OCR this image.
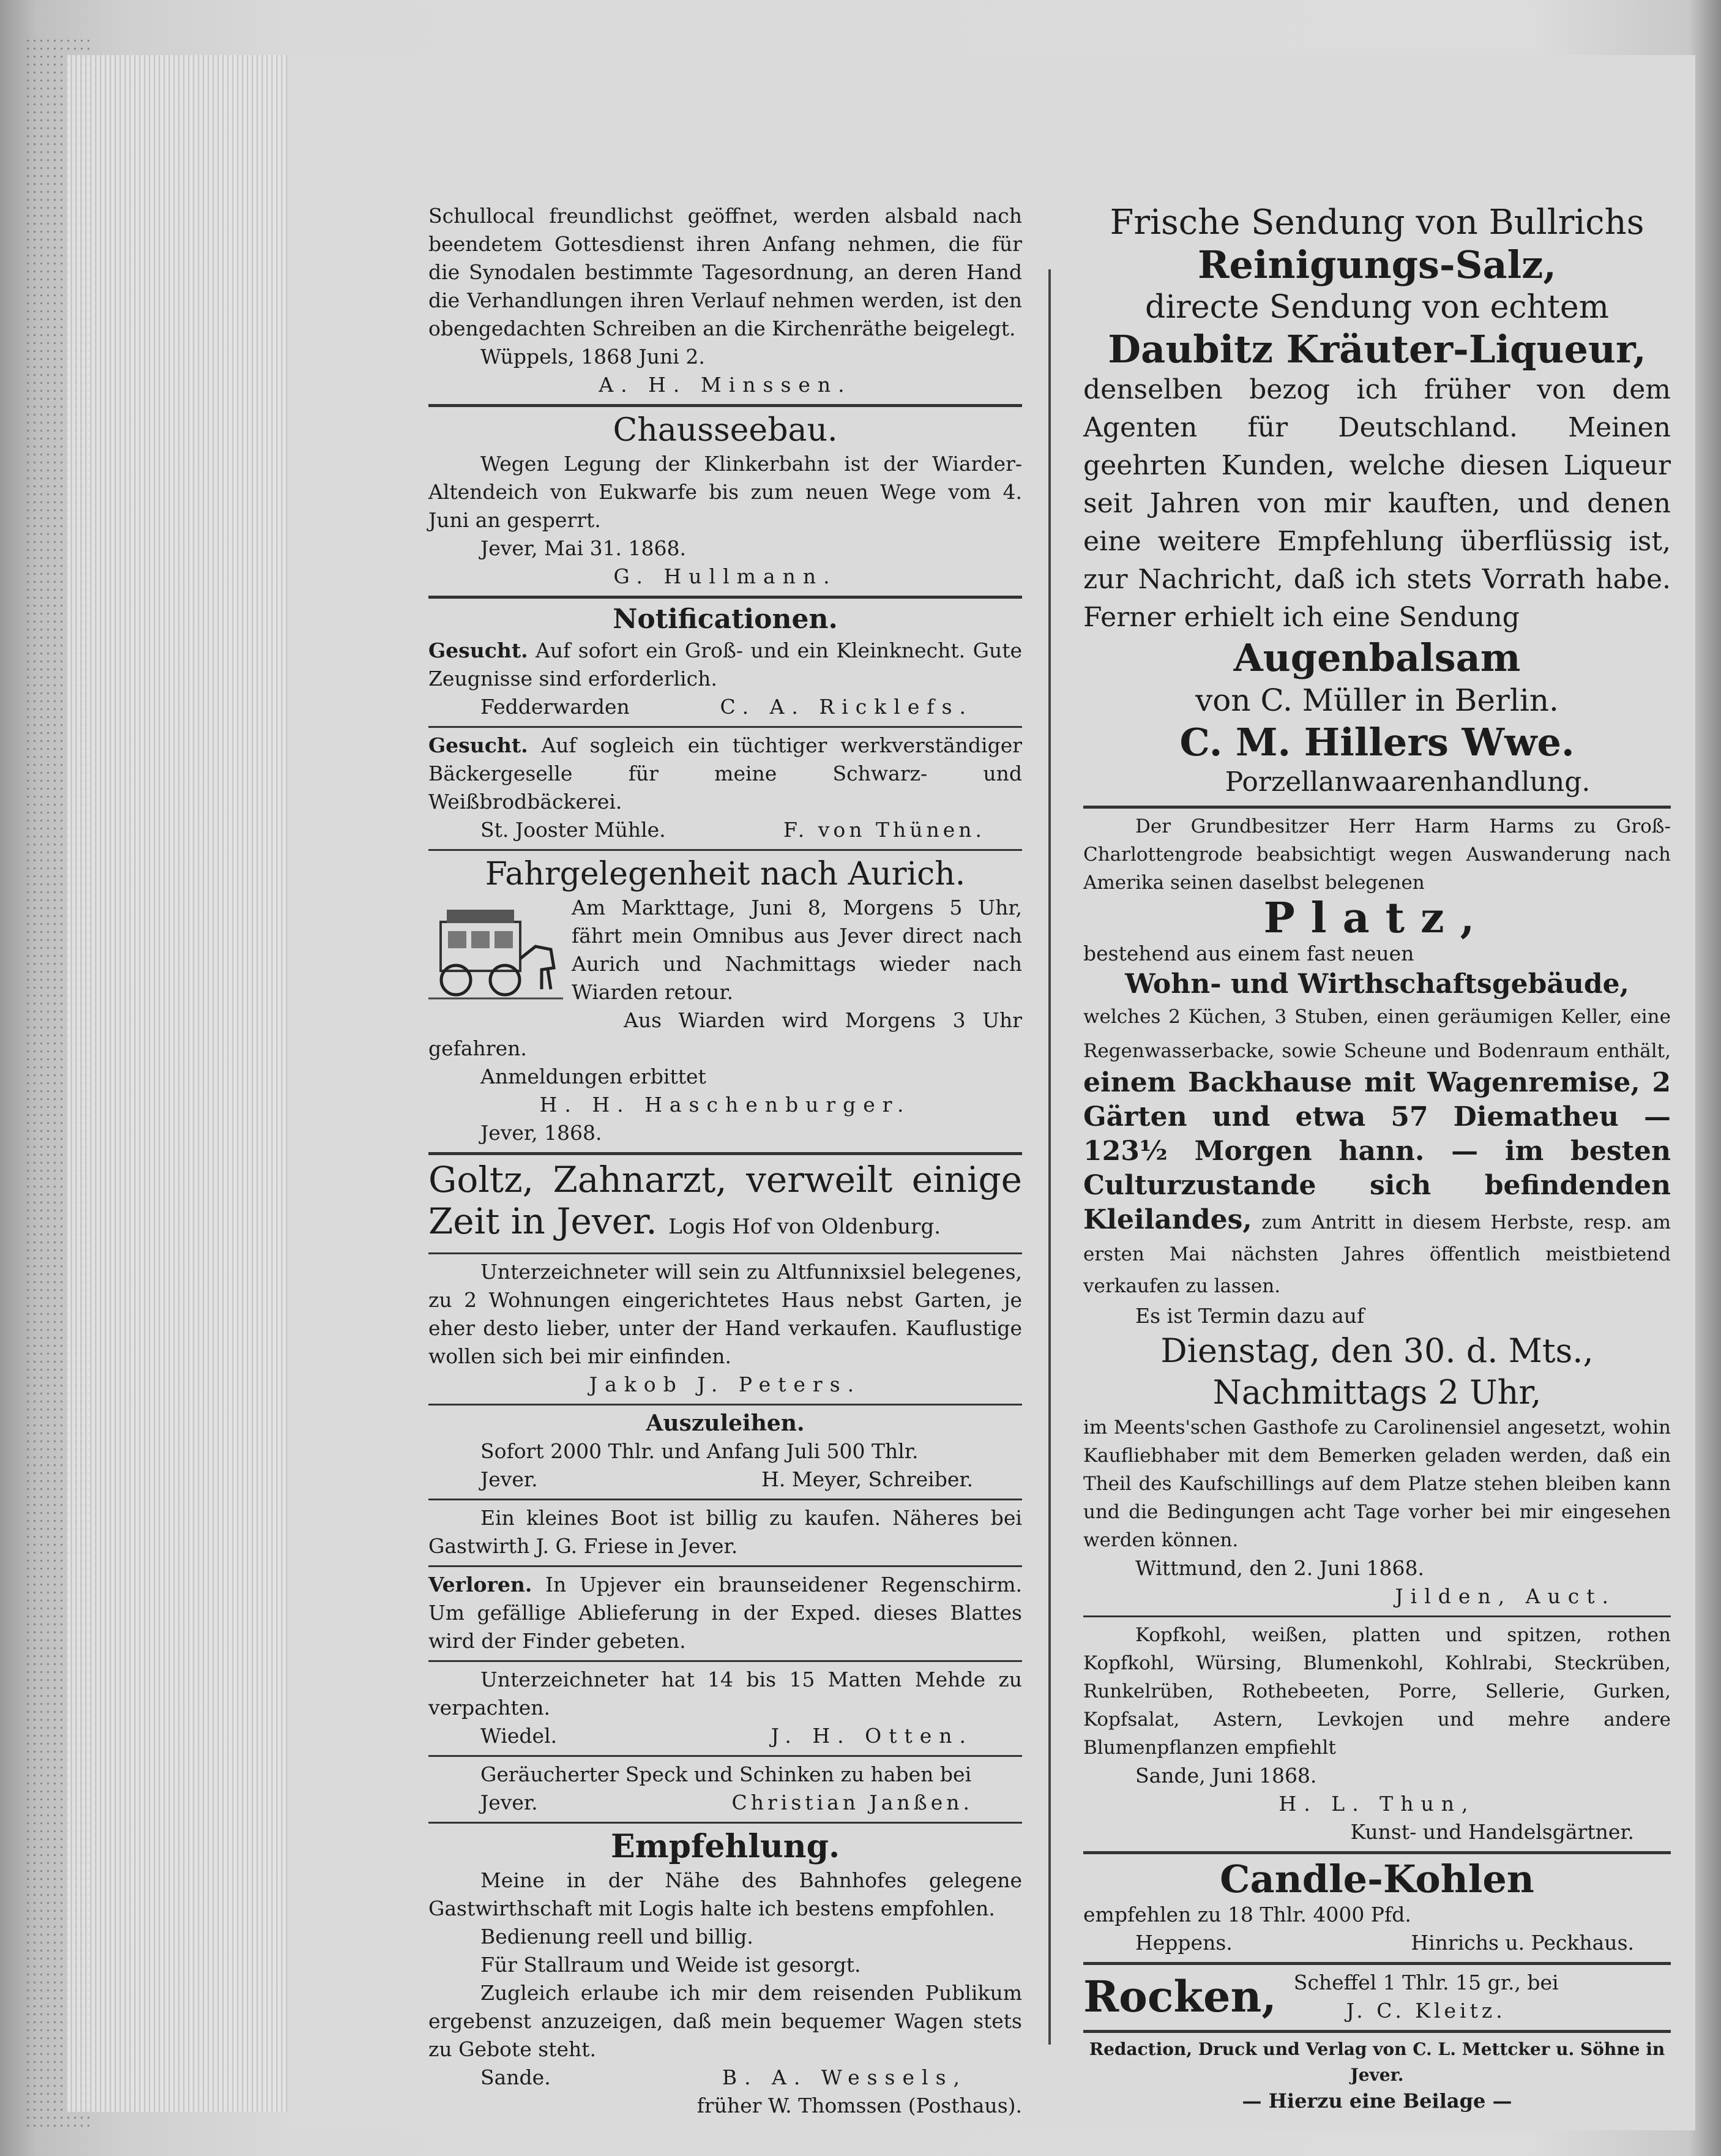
Schullocal freundlichst geöffnet, werden alsbald nach beendetem Gottesdienst ihren Anfang nehmen, die für die Synodalen bestimmte Tagesordnung, an deren Hand die Verhandlungen ihren Verlauf nehmen werden, ist den obengedachten Schreiben an die Kirchenräthe beigelegt.

Wüppels, 1868 Juni 2.

A. H. Minssen.

Chausseebau.

Wegen Legung der Klinkerbahn ist der Wiarder-Altendeich von Eukwarfe bis zum neuen Wege vom 4. Juni an gesperrt.

Jever, Mai 31. 1868.

G. Hullmann.

Notificationen.

Gesucht. Auf sofort ein Groß- und ein Kleinknecht. Gute Zeugnisse sind erforderlich.

Fedderwarden	C. A. Ricklefs.

Gesucht. Auf sogleich ein tüchtiger werkverständiger Bäckergeselle für meine Schwarz- und Weißbrodbäckerei.

St. Jooster Mühle.	F. von Thünen.

Fahrgelegenheit nach Aurich.

Am Markttage, Juni 8, Morgens 5 Uhr, fährt mein Omnibus aus Jever direct nach Aurich und Nachmittags wieder nach Wiarden retour.

Aus Wiarden wird Morgens 3 Uhr gefahren.

Anmeldungen erbittet

H. H. Haschenburger.

Jever, 1868.

Goltz, Zahnarzt, verweilt einige Zeit in Jever. Logis Hof von Oldenburg.

Unterzeichneter will sein zu Altfunnixsiel belegenes, zu 2 Wohnungen eingerichtetes Haus nebst Garten, je eher desto lieber, unter der Hand verkaufen. Kauflustige wollen sich bei mir einfinden.

Jakob J. Peters.

Auszuleihen.

Sofort 2000 Thlr. und Anfang Juli 500 Thlr.

Jever.	H. Meyer, Schreiber.

Ein kleines Boot ist billig zu kaufen. Näheres bei Gastwirth J. G. Friese in Jever.

Verloren. In Upjever ein braunseidener Regenschirm. Um gefällige Ablieferung in der Exped. dieses Blattes wird der Finder gebeten.

Unterzeichneter hat 14 bis 15 Matten Mehde zu verpachten.

Wiedel.	J. H. Otten.

Geräucherter Speck und Schinken zu haben bei

Jever.	Christian Janßen.

Empfehlung.

Meine in der Nähe des Bahnhofes gelegene Gastwirthschaft mit Logis halte ich bestens empfohlen.

Bedienung reell und billig.

Für Stallraum und Weide ist gesorgt.

Zugleich erlaube ich mir dem reisenden Publikum ergebenst anzuzeigen, daß mein bequemer Wagen stets zu Gebote steht.

Sande.	B. A. Wessels,

früher W. Thomssen (Posthaus).

Frische Sendung von Bullrichs

Reinigungs-Salz,

directe Sendung von echtem

Daubitz Kräuter-Liqueur,

denselben bezog ich früher von dem Agenten für Deutschland. Meinen geehrten Kunden, welche diesen Liqueur seit Jahren von mir kauften, und denen eine weitere Empfehlung überflüssig ist, zur Nachricht, daß ich stets Vorrath habe. Ferner erhielt ich eine Sendung

Augenbalsam

von C. Müller in Berlin.

C. M. Hillers Wwe.

Porzellanwaarenhandlung.

Der Grundbesitzer Herr Harm Harms zu Groß-Charlottengrode beabsichtigt wegen Auswanderung nach Amerika seinen daselbst belegenen

Platz,

bestehend aus einem fast neuen

Wohn- und Wirthschaftsgebäude,

welches 2 Küchen, 3 Stuben, einen geräumigen Keller, eine Regenwasserbacke, sowie Scheune und Bodenraum enthält, einem Backhause mit Wagenremise, 2 Gärten und etwa 57 Diematheu — 123½ Morgen hann. — im besten Culturzustande sich befindenden Kleilandes, zum Antritt in diesem Herbste, resp. am ersten Mai nächsten Jahres öffentlich meistbietend verkaufen zu lassen.

Es ist Termin dazu auf

Dienstag, den 30. d. Mts.,

Nachmittags 2 Uhr,

im Meents'schen Gasthofe zu Carolinensiel angesetzt, wohin Kaufliebhaber mit dem Bemerken geladen werden, daß ein Theil des Kaufschillings auf dem Platze stehen bleiben kann und die Bedingungen acht Tage vorher bei mir eingesehen werden können.

Wittmund, den 2. Juni 1868.

Jilden, Auct.

Kopfkohl, weißen, platten und spitzen, rothen Kopfkohl, Würsing, Blumenkohl, Kohlrabi, Steckrüben, Runkelrüben, Rothebeeten, Porre, Sellerie, Gurken, Kopfsalat, Astern, Levkojen und mehre andere Blumenpflanzen empfiehlt

Sande, Juni 1868.

H. L. Thun,

Kunst- und Handelsgärtner.

Candle-Kohlen

empfehlen zu 18 Thlr. 4000 Pfd.

Heppens.	Hinrichs u. Peckhaus.

Rocken, Scheffel 1 Thlr. 15 gr., bei

J. C. Kleitz.

Redaction, Druck und Verlag von C. L. Mettcker u. Söhne in Jever.

— Hierzu eine Beilage —
